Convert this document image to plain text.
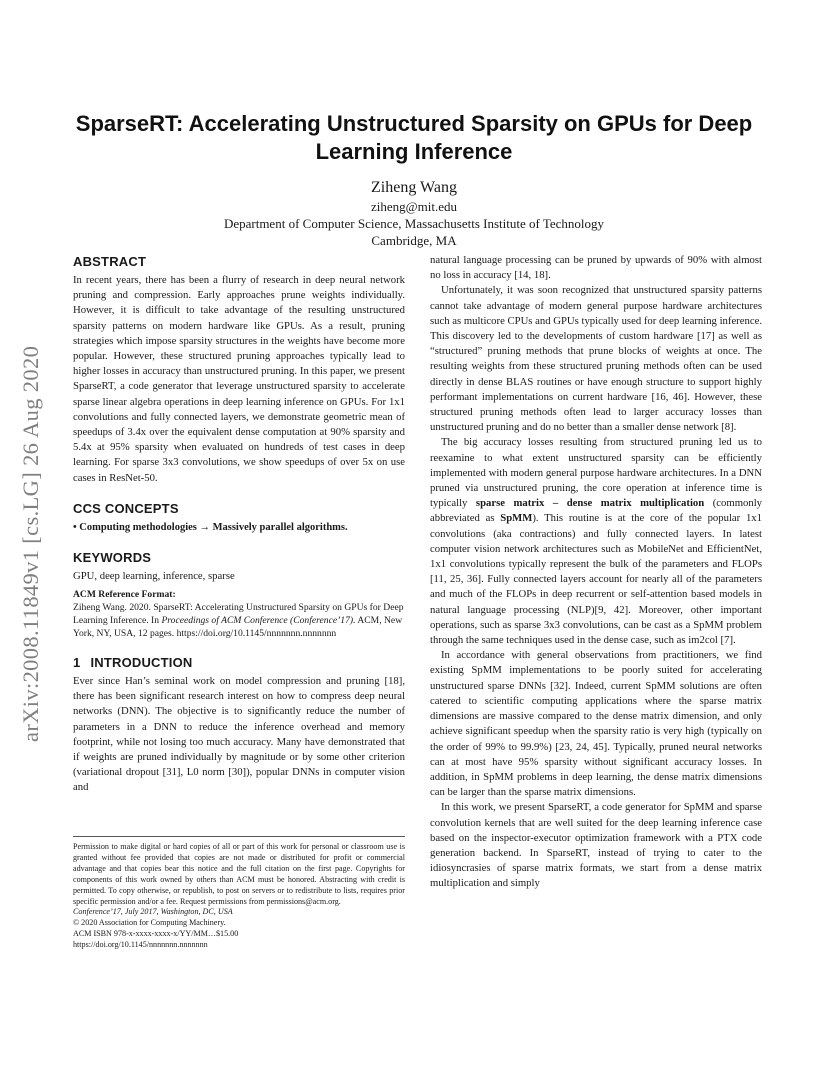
arXiv:2008.11849v1 [cs.LG] 26 Aug 2020
SparseRT: Accelerating Unstructured Sparsity on GPUs for Deep
Learning Inference
Ziheng Wang
ziheng@mit.edu
Department of Computer Science, Massachusetts Institute of Technology
Cambridge, MA
ABSTRACT

In recent years, there has been a flurry of research in deep neural network pruning and compression. Early approaches prune weights individually. However, it is difficult to take advantage of the resulting unstructured sparsity patterns on modern hardware like GPUs. As a result, pruning strategies which impose sparsity structures in the weights have become more popular. However, these structured pruning approaches typically lead to higher losses in accuracy than unstructured pruning. In this paper, we present SparseRT, a code generator that leverage unstructured sparsity to accelerate sparse linear algebra operations in deep learning inference on GPUs. For 1x1 convolutions and fully connected layers, we demonstrate geometric mean of speedups of 3.4x over the equivalent dense computation at 90% sparsity and 5.4x at 95% sparsity when evaluated on hundreds of test cases in deep learning. For sparse 3x3 convolutions, we show speedups of over 5x on use cases in ResNet-50.

CCS CONCEPTS
• Computing methodologies → Massively parallel algorithms.
KEYWORDS

GPU, deep learning, inference, sparse

ACM Reference Format:
Ziheng Wang. 2020. SparseRT: Accelerating Unstructured Sparsity on GPUs for Deep Learning Inference. In Proceedings of ACM Conference (Conference’17). ACM, New York, NY, USA, 12 pages. https://doi.org/10.1145/nnnnnnn.nnnnnnn
1 INTRODUCTION

Ever since Han’s seminal work on model compression and pruning [18], there has been significant research interest on how to compress deep neural networks (DNN). The objective is to significantly reduce the number of parameters in a DNN to reduce the inference overhead and memory footprint, while not losing too much accuracy. Many have demonstrated that if weights are pruned individually by magnitude or by some other criterion (variational dropout [31], L0 norm [30]), popular DNNs in computer vision and

Permission to make digital or hard copies of all or part of this work for personal or classroom use is granted without fee provided that copies are not made or distributed for profit or commercial advantage and that copies bear this notice and the full citation on the first page. Copyrights for components of this work owned by others than ACM must be honored. Abstracting with credit is permitted. To copy otherwise, or republish, to post on servers or to redistribute to lists, requires prior specific permission and/or a fee. Request permissions from permissions@acm.org.

Conference’17, July 2017, Washington, DC, USA
© 2020 Association for Computing Machinery.
ACM ISBN 978-x-xxxx-xxxx-x/YY/MM…$15.00
https://doi.org/10.1145/nnnnnnn.nnnnnnn

natural language processing can be pruned by upwards of 90% with almost no loss in accuracy [14, 18].

Unfortunately, it was soon recognized that unstructured sparsity patterns cannot take advantage of modern general purpose hardware architectures such as multicore CPUs and GPUs typically used for deep learning inference. This discovery led to the developments of custom hardware [17] as well as “structured” pruning methods that prune blocks of weights at once. The resulting weights from these structured pruning methods often can be used directly in dense BLAS routines or have enough structure to support highly performant implementations on current hardware [16, 46]. However, these structured pruning methods often lead to larger accuracy losses than unstructured pruning and do no better than a smaller dense network [8].

The big accuracy losses resulting from structured pruning led us to reexamine to what extent unstructured sparsity can be efficiently implemented with modern general purpose hardware architectures. In a DNN pruned via unstructured pruning, the core operation at inference time is typically sparse matrix – dense matrix multiplication (commonly abbreviated as SpMM). This routine is at the core of the popular 1x1 convolutions (aka contractions) and fully connected layers. In latest computer vision network architectures such as MobileNet and EfficientNet, 1x1 convolutions typically represent the bulk of the parameters and FLOPs [11, 25, 36]. Fully connected layers account for nearly all of the parameters and much of the FLOPs in deep recurrent or self-attention based models in natural language processing (NLP)[9, 42]. Moreover, other important operations, such as sparse 3x3 convolutions, can be cast as a SpMM problem through the same techniques used in the dense case, such as im2col [7].

In accordance with general observations from practitioners, we find existing SpMM implementations to be poorly suited for accelerating unstructured sparse DNNs [32]. Indeed, current SpMM solutions are often catered to scientific computing applications where the sparse matrix dimensions are massive compared to the dense matrix dimension, and only achieve significant speedup when the sparsity ratio is very high (typically on the order of 99% to 99.9%) [23, 24, 45]. Typically, pruned neural networks can at most have 95% sparsity without significant accuracy losses. In addition, in SpMM problems in deep learning, the dense matrix dimensions can be larger than the sparse matrix dimensions.

In this work, we present SparseRT, a code generator for SpMM and sparse convolution kernels that are well suited for the deep learning inference case based on the inspector-executor optimization framework with a PTX code generation backend. In SparseRT, instead of trying to cater to the idiosyncrasies of sparse matrix formats, we start from a dense matrix multiplication and simply
